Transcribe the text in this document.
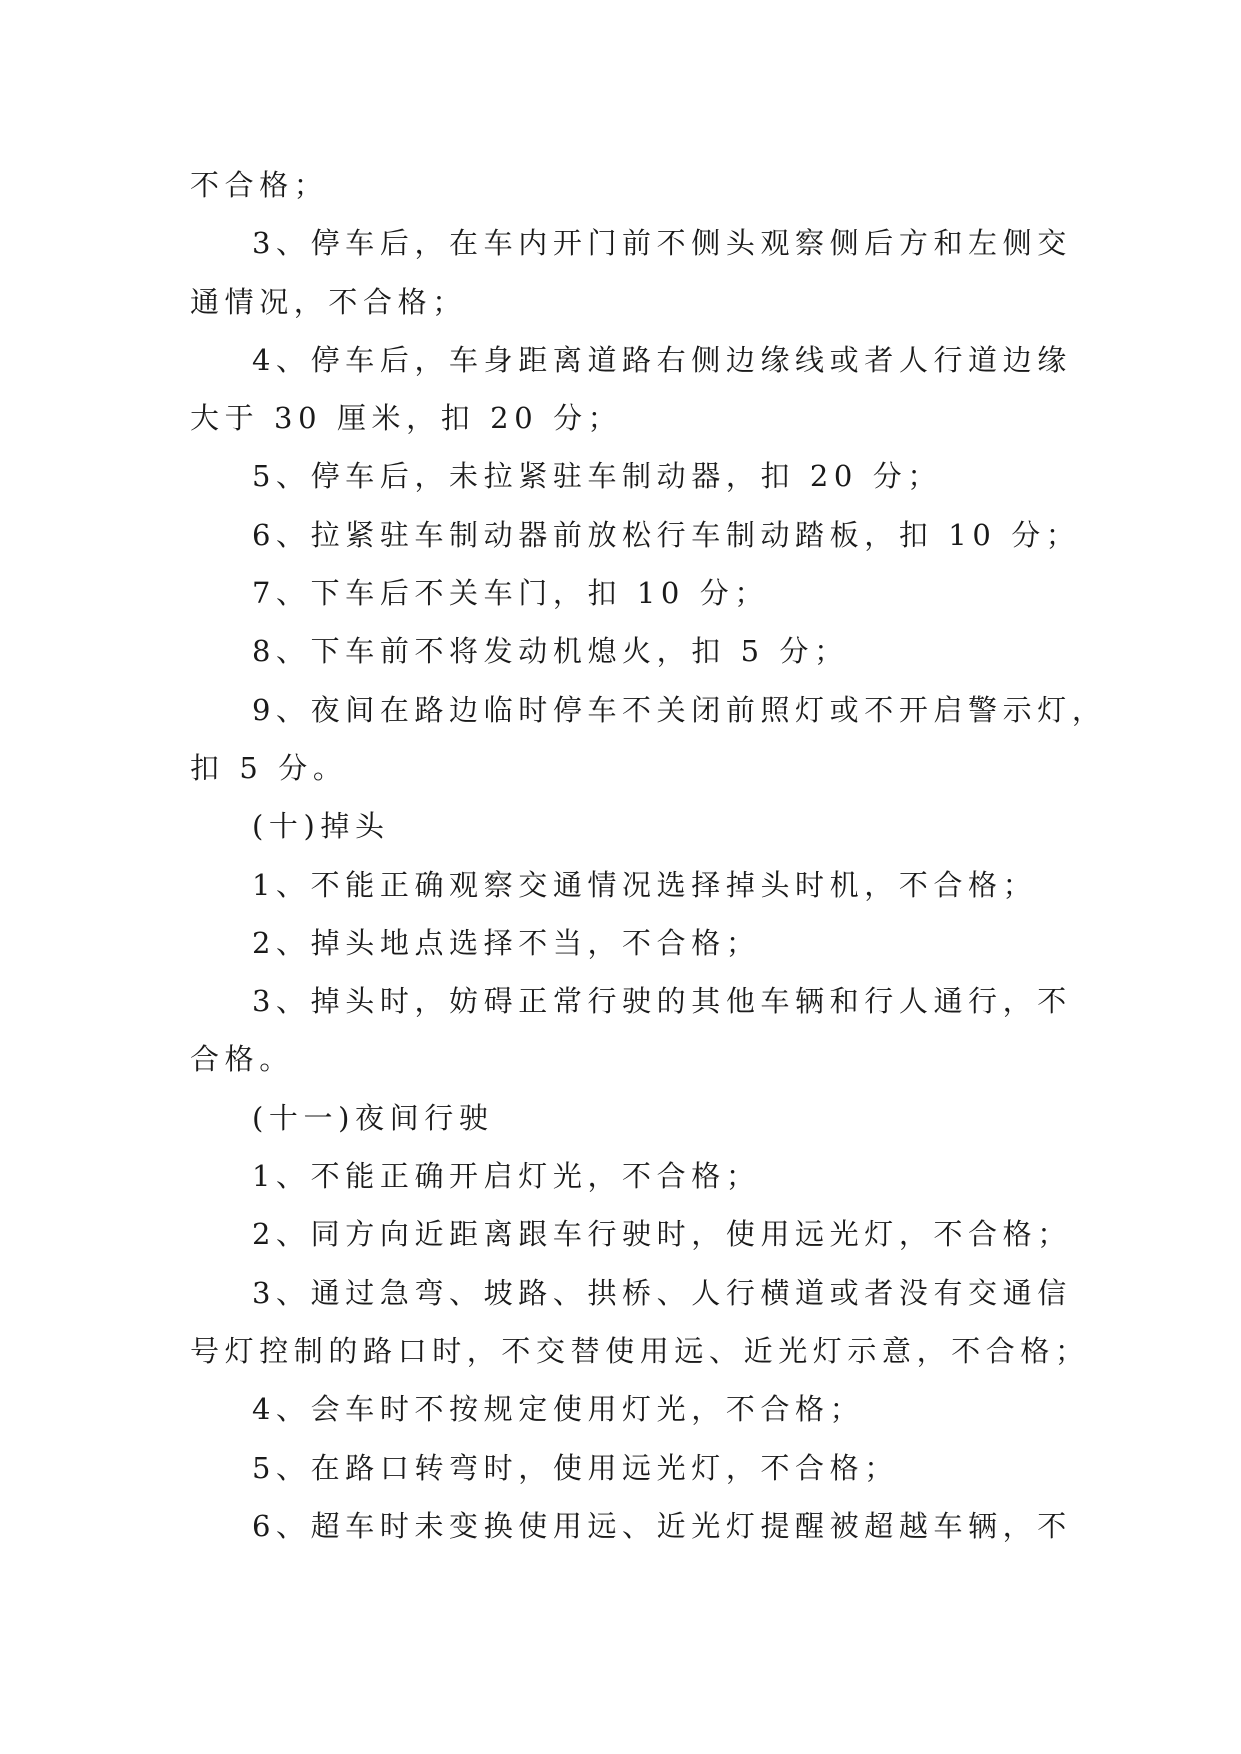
不合格；

3、停车后，在车内开门前不侧头观察侧后方和左侧交

通情况，不合格；

4、停车后，车身距离道路右侧边缘线或者人行道边缘

大于 30 厘米，扣 20 分；

5、停车后，未拉紧驻车制动器，扣 20 分；

6、拉紧驻车制动器前放松行车制动踏板，扣 10 分；

7、下车后不关车门，扣 10 分；

8、下车前不将发动机熄火，扣 5 分；

9、夜间在路边临时停车不关闭前照灯或不开启警示灯，

扣 5 分。

(十)掉头

1、不能正确观察交通情况选择掉头时机，不合格；

2、掉头地点选择不当，不合格；

3、掉头时，妨碍正常行驶的其他车辆和行人通行，不

合格。

(十一)夜间行驶

1、不能正确开启灯光，不合格；

2、同方向近距离跟车行驶时，使用远光灯，不合格；

3、通过急弯、坡路、拱桥、人行横道或者没有交通信

号灯控制的路口时，不交替使用远、近光灯示意，不合格；

4、会车时不按规定使用灯光，不合格；

5、在路口转弯时，使用远光灯，不合格；

6、超车时未变换使用远、近光灯提醒被超越车辆，不
